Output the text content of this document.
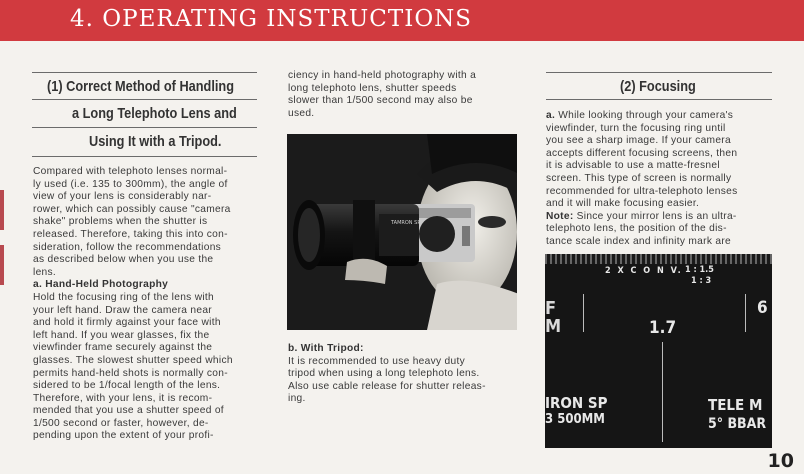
4. OPERATING INSTRUCTIONS
(1) Correct Method of Handling
a Long Telephoto Lens and
Using It with a Tripod.
Compared with telephoto lenses normal-
ly used (i.e. 135 to 300mm), the angle of
view of your lens is considerably nar-
rower, which can possibly cause "camera
shake" problems when the shutter is
released. Therefore, taking this into con-
sideration, follow the recommendations
as described below when you use the
lens.
a. Hand-Held Photography
Hold the focusing ring of the lens with
your left hand. Draw the camera near
and hold it firmly against your face with
left hand. If you wear glasses, fix the
viewfinder frame securely against the
glasses. The slowest shutter speed which
permits hand-held shots is normally con-
sidered to be 1/focal length of the lens.
Therefore, with your lens, it is recom-
mended that you use a shutter speed of
1/500 second or faster, however, de-
pending upon the extent of your profi-
ciency in hand-held photography with a
long telephoto lens, shutter speeds
slower than 1/500 second may also be
used.
TAMRON SP
b. With Tripod:
It is recommended to use heavy duty
tripod when using a long telephoto lens.
Also use cable release for shutter releas-
ing.
(2) Focusing
a. While looking through your camera's
viewfinder, turn the focusing ring until
you see a sharp image. If your camera
accepts different focusing screens, then
it is advisable to use a matte-fresnel
screen. This type of screen is normally
recommended for ultra-telephoto lenses
and it will make focusing easier.
Note: Since your mirror lens is an ultra-
telephoto lens, the position of the dis-
tance scale index and infinity mark are
2 X C O N V. 1 : 1.5
1 : 3
F
M	1.7
6
IRON SP
3 500MM
TELE M
5° BBAR
10
